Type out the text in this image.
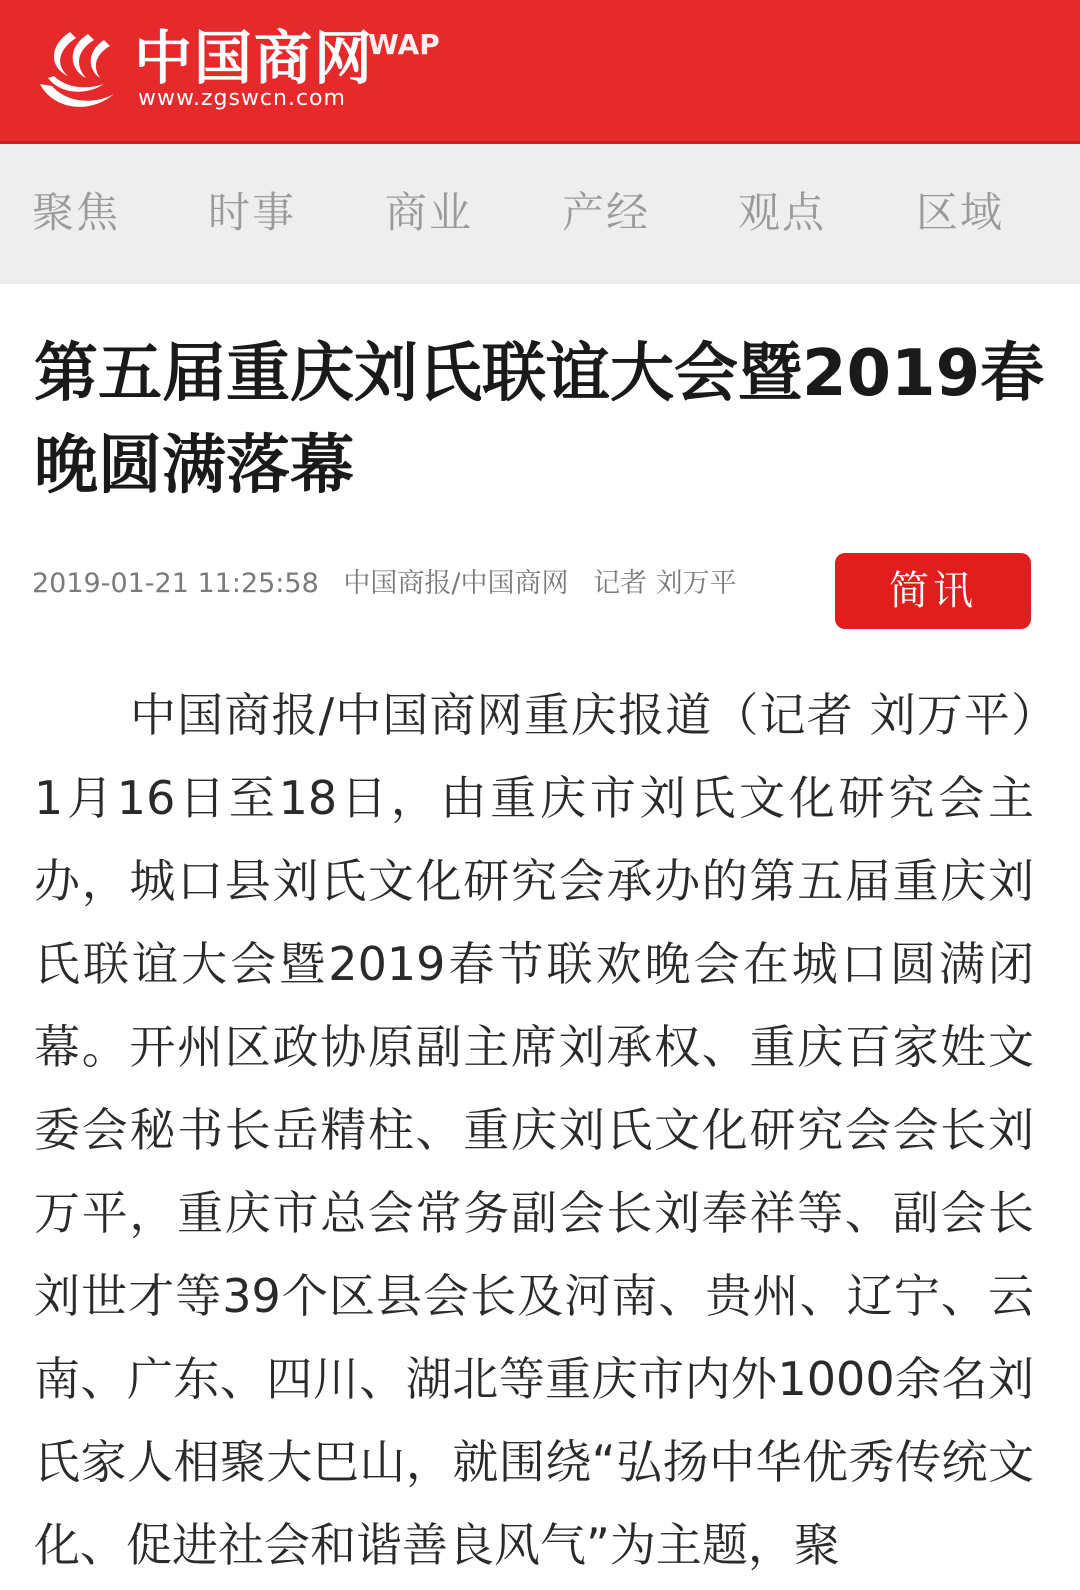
中国商网
www.zgswcn.com
WAP
聚焦 时事 商业 产经 观点 区域
第五届重庆刘氏联谊大会暨2019春晚圆满落幕
2019-01-21 11:25:58 中国商报/中国商网 记者 刘万平	简讯

中国商报/中国商网重庆报道（记者 刘万平）1月16日至18日，由重庆市刘氏文化研究会主办，城口县刘氏文化研究会承办的第五届重庆刘氏联谊大会暨2019春节联欢晚会在城口圆满闭幕。开州区政协原副主席刘承权、重庆百家姓文委会秘书长岳精柱、重庆刘氏文化研究会会长刘万平，重庆市总会常务副会长刘奉祥等、副会长刘世才等39个区县会长及河南、贵州、辽宁、云南、广东、四川、湖北等重庆市内外1000余名刘氏家人相聚大巴山，就围绕“弘扬中华优秀传统文化、促进社会和谐善良风气”为主题，聚
